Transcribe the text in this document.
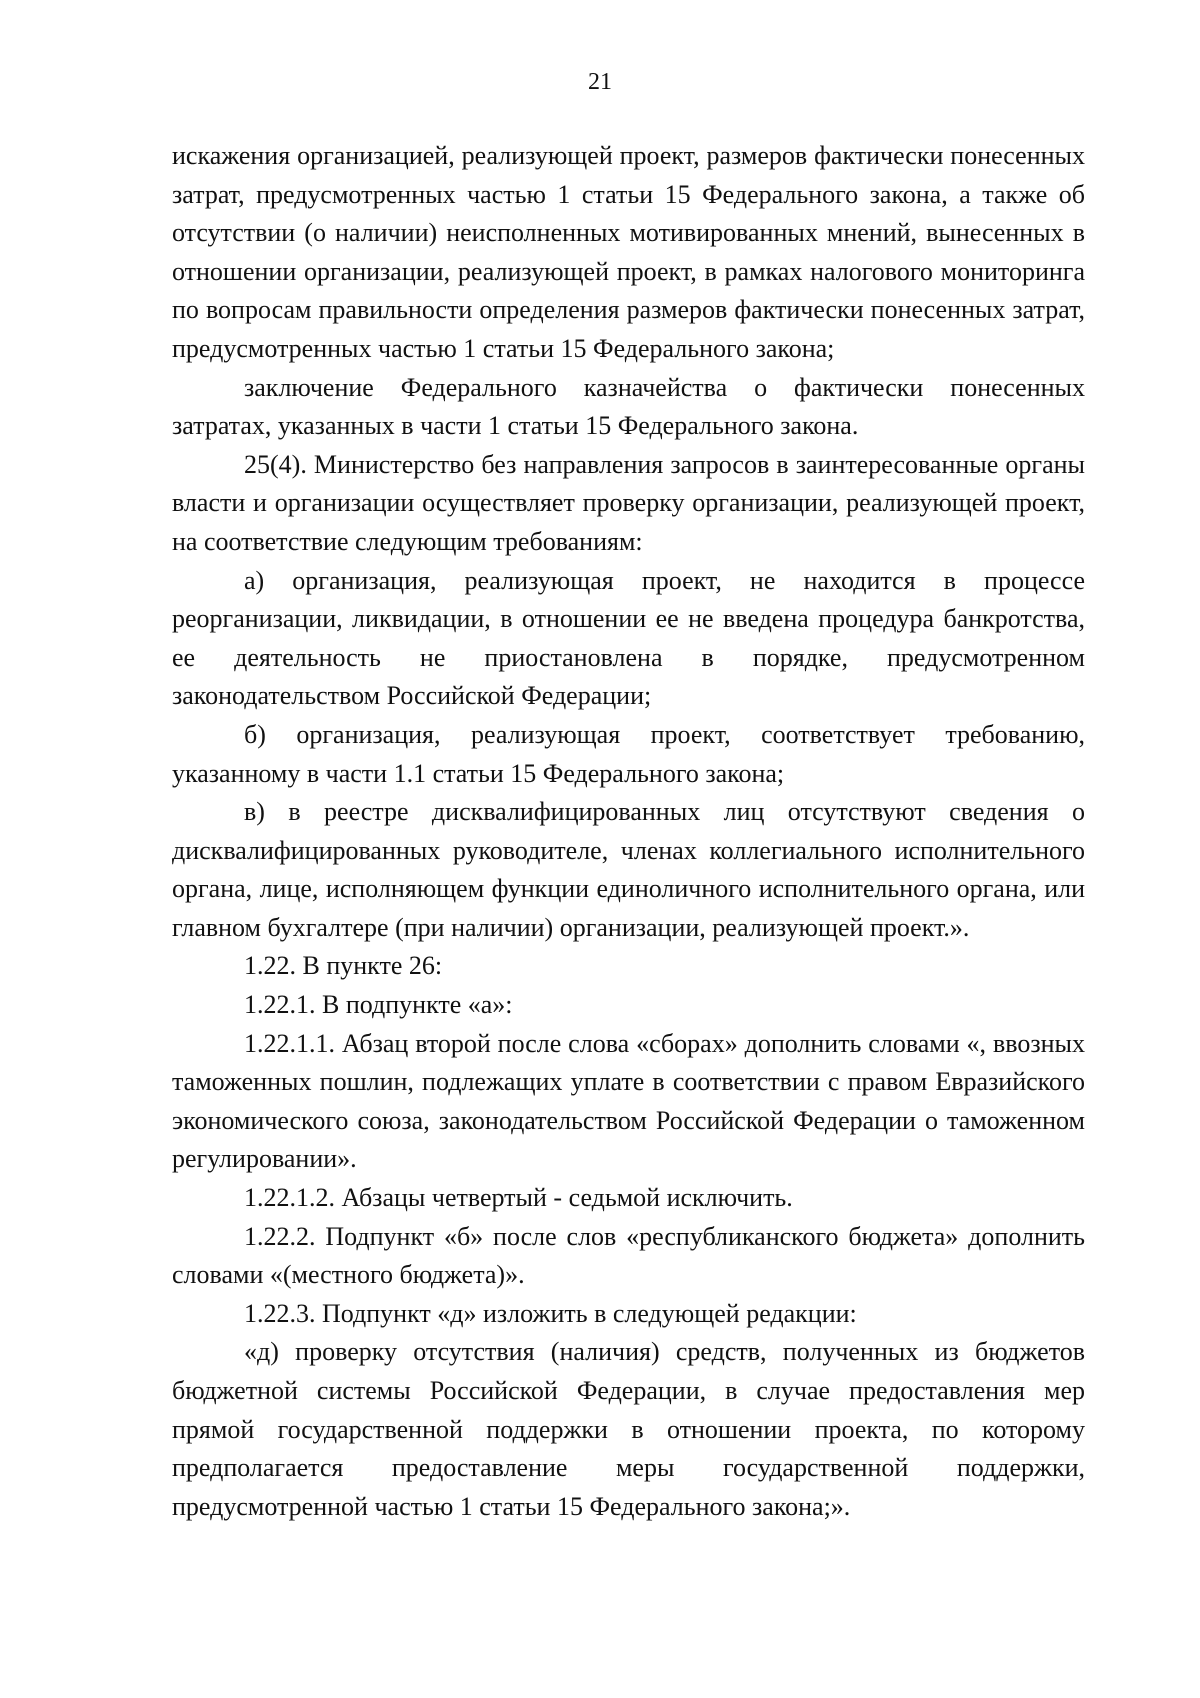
21

искажения организацией, реализующей проект, размеров фактически понесенных затрат, предусмотренных частью 1 статьи 15 Федерального закона, а также об отсутствии (о наличии) неисполненных мотивированных мнений, вынесенных в отношении организации, реализующей проект, в рамках налогового мониторинга по вопросам правильности определения размеров фактически понесенных затрат, предусмотренных частью 1 статьи 15 Федерального закона;

заключение Федерального казначейства о фактически понесенных затратах, указанных в части 1 статьи 15 Федерального закона.

25(4). Министерство без направления запросов в заинтересованные органы власти и организации осуществляет проверку организации, реализующей проект, на соответствие следующим требованиям:

а) организация, реализующая проект, не находится в процессе реорганизации, ликвидации, в отношении ее не введена процедура банкротства, ее деятельность не приостановлена в порядке, предусмотренном законодательством Российской Федерации;

б) организация, реализующая проект, соответствует требованию, указанному в части 1.1 статьи 15 Федерального закона;

в) в реестре дисквалифицированных лиц отсутствуют сведения о дисквалифицированных руководителе, членах коллегиального исполнительного органа, лице, исполняющем функции единоличного исполнительного органа, или главном бухгалтере (при наличии) организации, реализующей проект.».

1.22. В пункте 26:

1.22.1. В подпункте «а»:

1.22.1.1. Абзац второй после слова «сборах» дополнить словами «, ввозных таможенных пошлин, подлежащих уплате в соответствии с правом Евразийского экономического союза, законодательством Российской Федерации о таможенном регулировании».

1.22.1.2. Абзацы четвертый - седьмой исключить.

1.22.2. Подпункт «б» после слов «республиканского бюджета» дополнить словами «(местного бюджета)».

1.22.3. Подпункт «д» изложить в следующей редакции:

«д) проверку отсутствия (наличия) средств, полученных из бюджетов бюджетной системы Российской Федерации, в случае предоставления мер прямой государственной поддержки в отношении проекта, по которому предполагается предоставление меры государственной поддержки, предусмотренной частью 1 статьи 15 Федерального закона;».
